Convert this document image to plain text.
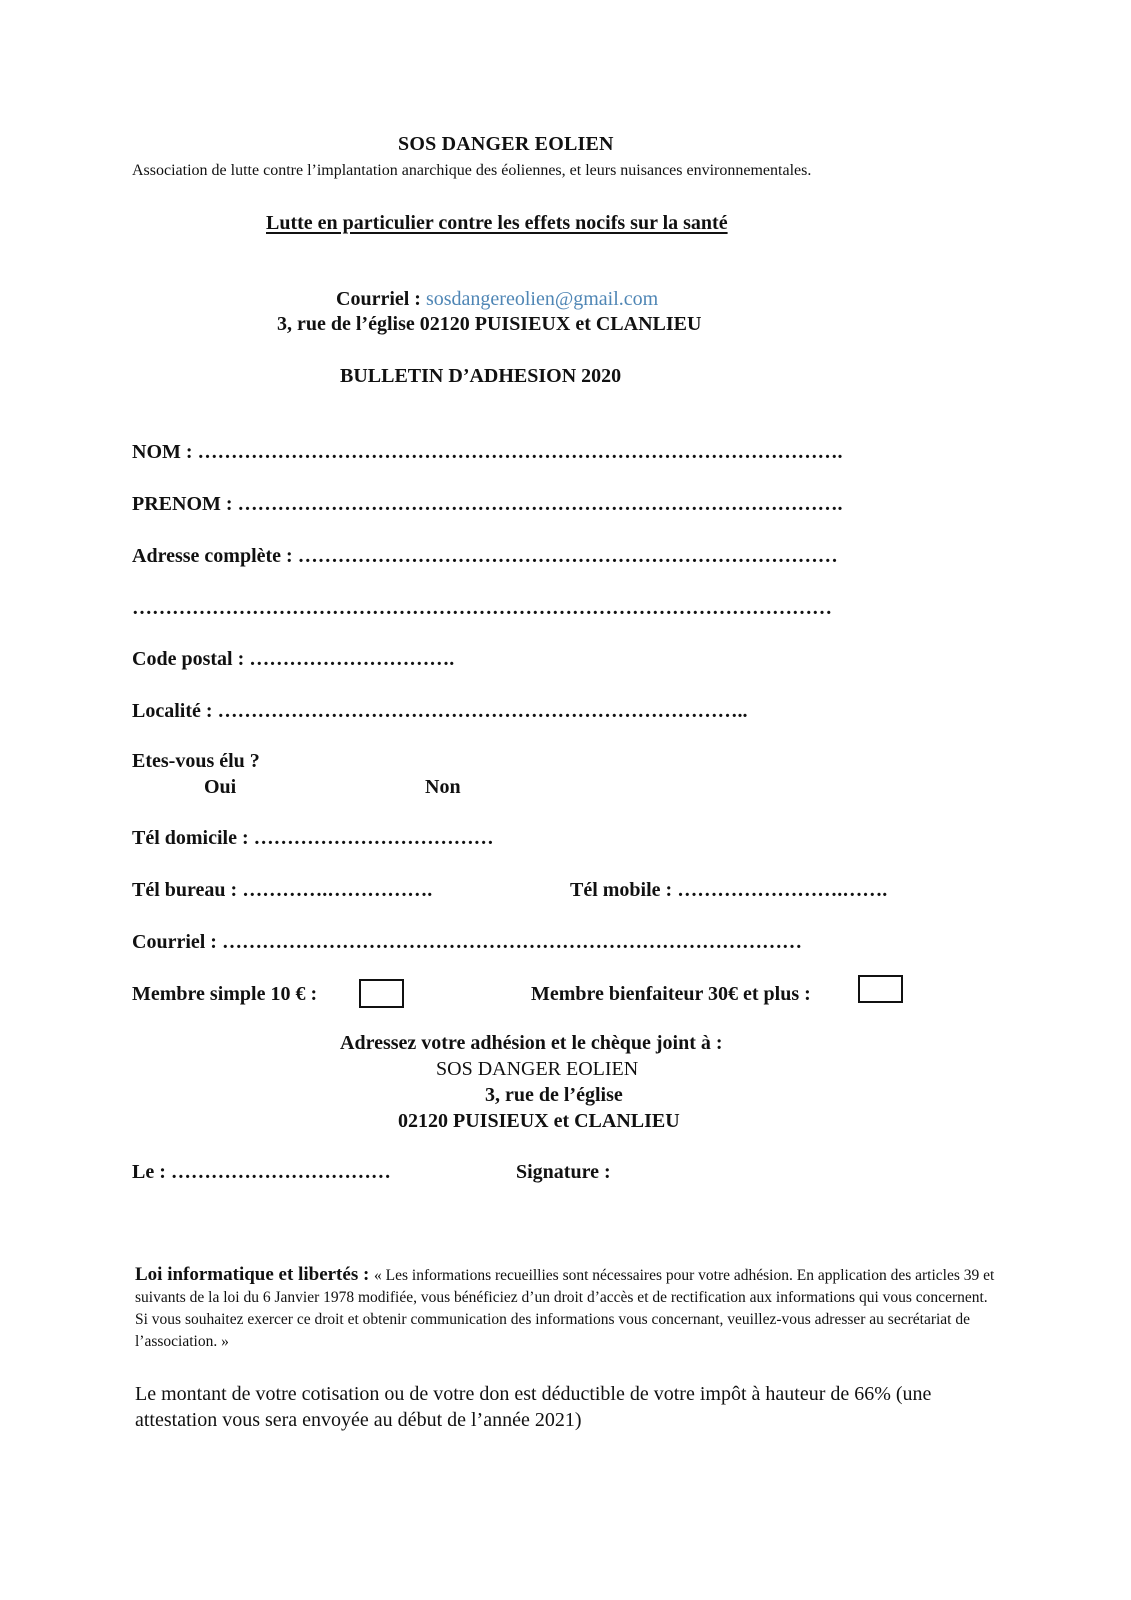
SOS DANGER EOLIEN
Association de lutte contre l’implantation anarchique des éoliennes, et leurs nuisances environnementales.
Lutte en particulier contre les effets nocifs sur la santé
Courriel : sosdangereolien@gmail.com
3, rue de l’église 02120 PUISIEUX et CLANLIEU
BULLETIN D’ADHESION 2020
NOM : …………………………………………………………………………………….
PRENOM : ……………………………………………………………………………….
Adresse complète : ………………………………………………………………………
……………………………………………………………………………………………
Code postal : ………………………….
Localité : ……………………………………………………………………..
Etes-vous élu ?
Oui	Non
Tél domicile : ………………………………
Tél bureau : ………….…………….	Tél mobile : …………………….…….
Courriel : ……………………………………………………………………………
Membre simple 10 € :	Membre bienfaiteur 30€ et plus :
Adressez votre adhésion et le chèque joint à :
SOS DANGER EOLIEN
3, rue de l’église
02120 PUISIEUX et CLANLIEU
Le : ……………………………	Signature :
Loi informatique et libertés : « Les informations recueillies sont nécessaires pour votre adhésion. En application des articles 39 et suivants de la loi du 6 Janvier 1978 modifiée, vous bénéficiez d’un droit d’accès et de rectification aux informations qui vous concernent. Si vous souhaitez exercer ce droit et obtenir communication des informations vous concernant, veuillez-vous adresser au secrétariat de l’association. »
Le montant de votre cotisation ou de votre don est déductible de votre impôt à hauteur de 66% (une attestation vous sera envoyée au début de l’année 2021)
